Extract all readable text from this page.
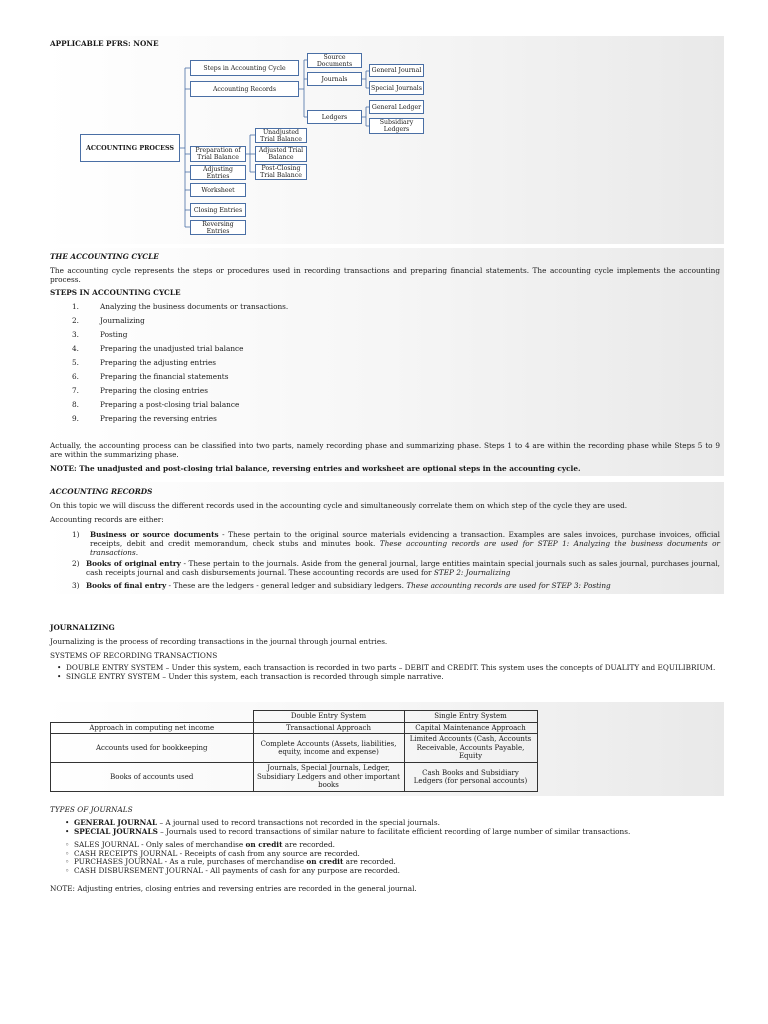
APPLICABLE PFRS: NONE
ACCOUNTING PROCESS
Steps in Accounting Cycle
Accounting Records
Source Documents
Journals
General Journal
Special Journals
Ledgers
General Ledger
Subsidiary Ledgers
Preparation of Trial Balance
Unadjusted Trial Balance
Adjusted Trial Balance
Post-Closing Trial Balance
Adjusting Entries
Worksheet
Closing Entries
Reversing Entries
THE ACCOUNTING CYCLE
The accounting cycle represents the steps or procedures used in recording transactions and preparing financial statements. The accounting cycle implements the accounting process.
STEPS IN ACCOUNTING CYCLE
1.	Analyzing the business documents or transactions.
2.	Journalizing
3.	Posting
4.	Preparing the unadjusted trial balance
5.	Preparing the adjusting entries
6.	Preparing the financial statements
7.	Preparing the closing entries
8.	Preparing a post-closing trial balance
9.	Preparing the reversing entries
Actually, the accounting process can be classified into two parts, namely recording phase and summarizing phase. Steps 1 to 4 are within the recording phase while Steps 5 to 9 are within the summarizing phase.
NOTE: The unadjusted and post-closing trial balance, reversing entries and worksheet are optional steps in the accounting cycle.
ACCOUNTING RECORDS
On this topic we will discuss the different records used in the accounting cycle and simultaneously correlate them on which step of the cycle they are used.
Accounting records are either:
1) Business or source documents - These pertain to the original source materials evidencing a transaction. Examples are sales invoices, purchase invoices, official receipts, debit and credit memorandum, check stubs and minutes book. These accounting records are used for STEP 1: Analyzing the business documents or transactions.
2) Books of original entry - These pertain to the journals. Aside from the general journal, large entities maintain special journals such as sales journal, purchases journal, cash receipts journal and cash disbursements journal. These accounting records are used for STEP 2: Journalizing
3) Books of final entry - These are the ledgers - general ledger and subsidiary ledgers. These accounting records are used for STEP 3: Posting
JOURNALIZING
Journalizing is the process of recording transactions in the journal through journal entries.
SYSTEMS OF RECORDING TRANSACTIONS
• DOUBLE ENTRY SYSTEM – Under this system, each transaction is recorded in two parts – DEBIT and CREDIT. This system uses the concepts of DUALITY and EQUILIBRIUM.
• SINGLE ENTRY SYSTEM – Under this system, each transaction is recorded through simple narrative.
	Double Entry System	Single Entry System
Approach in computing net income	Transactional Approach	Capital Maintenance Approach
Accounts used for bookkeeping	Complete Accounts (Assets, liabilities, equity, income and expense)	Limited Accounts (Cash, Accounts Receivable, Accounts Payable, Equity
Books of accounts used	Journals, Special Journals, Ledger, Subsidiary Ledgers and other important books	Cash Books and Subsidiary Ledgers (for personal accounts)
TYPES OF JOURNALS
• GENERAL JOURNAL – A journal used to record transactions not recorded in the special journals.
• SPECIAL JOURNALS – Journals used to record transactions of similar nature to facilitate efficient recording of large number of similar transactions.
◦ SALES JOURNAL - Only sales of merchandise on credit are recorded.
◦ CASH RECEIPTS JOURNAL - Receipts of cash from any source are recorded.
◦ PURCHASES JOURNAL - As a rule, purchases of merchandise on credit are recorded.
◦ CASH DISBURSEMENT JOURNAL - All payments of cash for any purpose are recorded.
NOTE: Adjusting entries, closing entries and reversing entries are recorded in the general journal.
